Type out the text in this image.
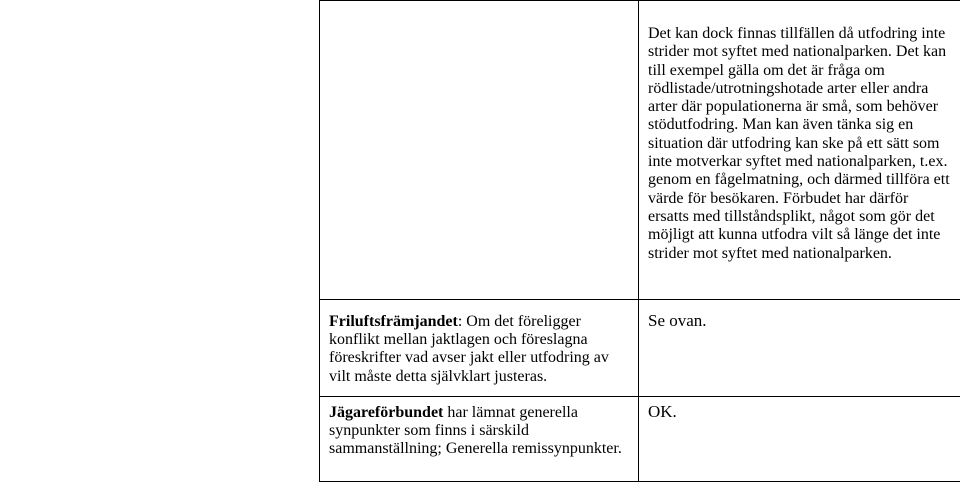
	Det kan dock finnas tillfällen då utfodring inte strider mot syftet med nationalparken. Det kan till exempel gälla om det är fråga om rödlistade/utrotningshotade arter eller andra arter där populationerna är små, som behöver stödutfodring. Man kan även tänka sig en situation där utfodring kan ske på ett sätt som inte motverkar syftet med nationalparken, t.ex. genom en fågelmatning, och därmed tillföra ett värde för besökaren. Förbudet har därför ersatts med tillståndsplikt, något som gör det möjligt att kunna utfodra vilt så länge det inte strider mot syftet med nationalparken.

Friluftsfrämjandet: Om det föreligger konflikt mellan jaktlagen och föreslagna föreskrifter vad avser jakt eller utfodring av vilt måste detta självklart justeras.	Se ovan.

Jägareförbundet har lämnat generella synpunkter som finns i särskild sammanställning; Generella remissynpunkter.	OK.
